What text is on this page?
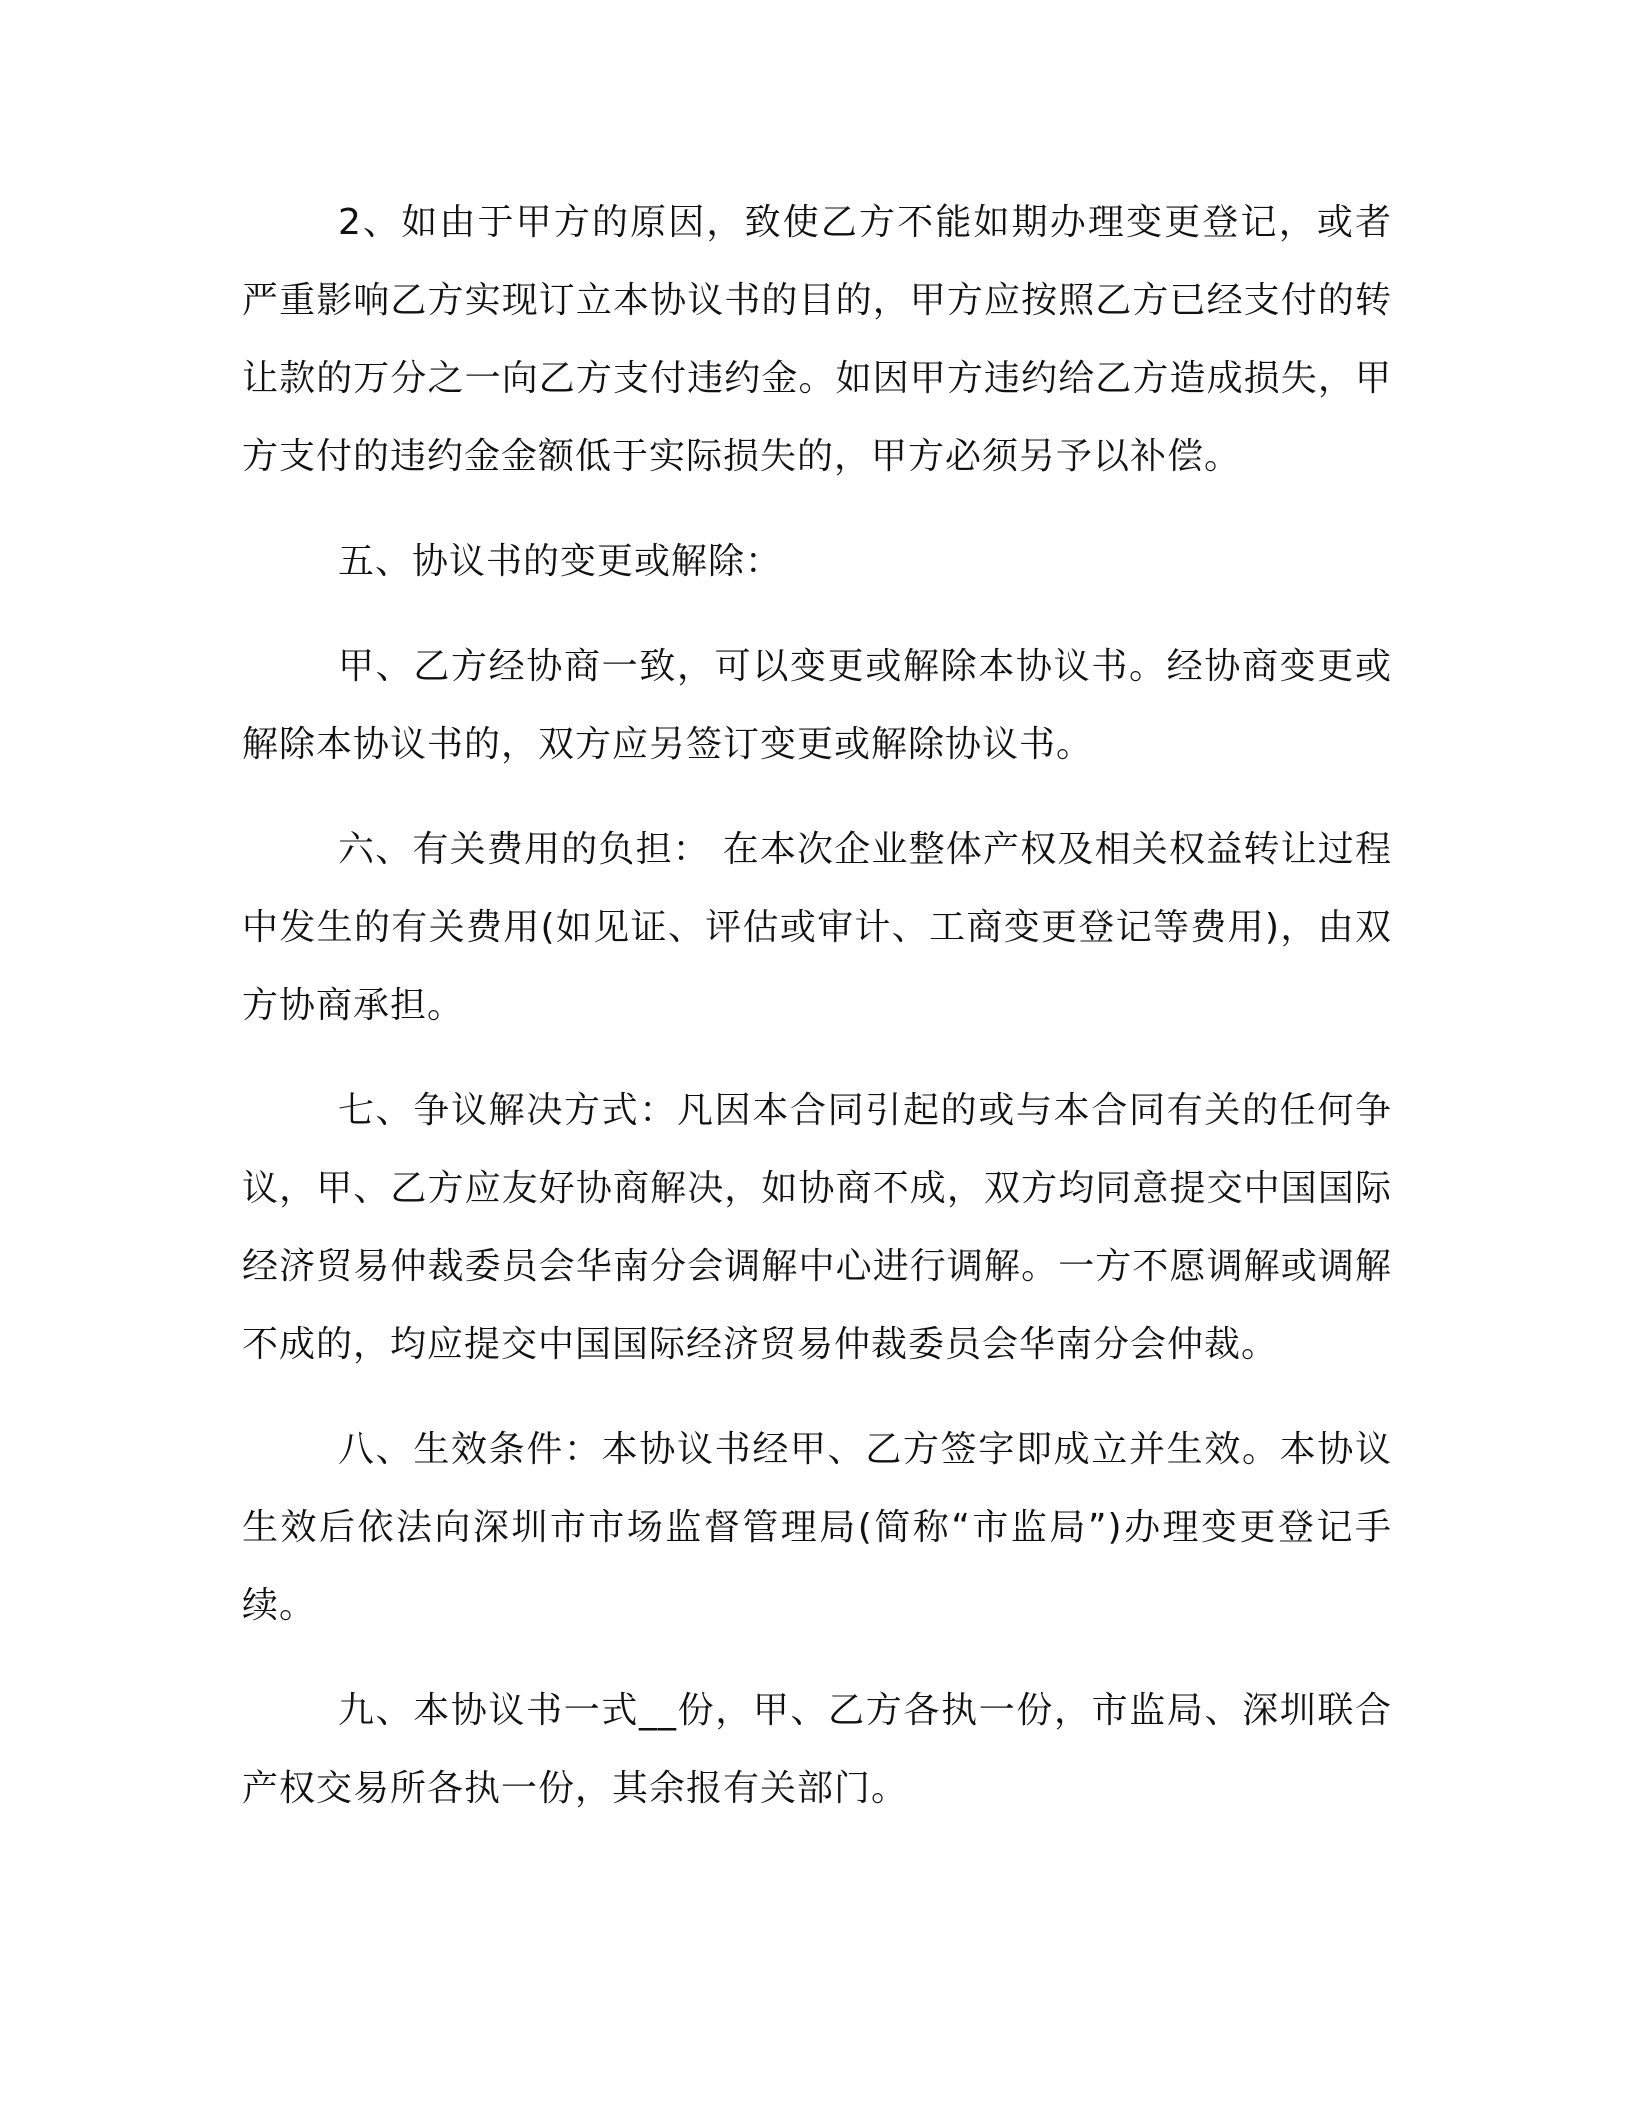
2、如由于甲方的原因，致使乙方不能如期办理变更登记，或者严重影响乙方实现订立本协议书的目的，甲方应按照乙方已经支付的转让款的万分之一向乙方支付违约金。如因甲方违约给乙方造成损失，甲方支付的违约金金额低于实际损失的，甲方必须另予以补偿。

五、协议书的变更或解除：

甲、乙方经协商一致，可以变更或解除本协议书。经协商变更或解除本协议书的，双方应另签订变更或解除协议书。

六、有关费用的负担： 在本次企业整体产权及相关权益转让过程中发生的有关费用(如见证、评估或审计、工商变更登记等费用)，由双方协商承担。

七、争议解决方式：凡因本合同引起的或与本合同有关的任何争议，甲、乙方应友好协商解决，如协商不成，双方均同意提交中国国际经济贸易仲裁委员会华南分会调解中心进行调解。一方不愿调解或调解不成的，均应提交中国国际经济贸易仲裁委员会华南分会仲裁。

八、生效条件：本协议书经甲、乙方签字即成立并生效。本协议生效后依法向深圳市市场监督管理局(简称“市监局”)办理变更登记手续。

九、本协议书一式__份，甲、乙方各执一份，市监局、深圳联合产权交易所各执一份，其余报有关部门。
